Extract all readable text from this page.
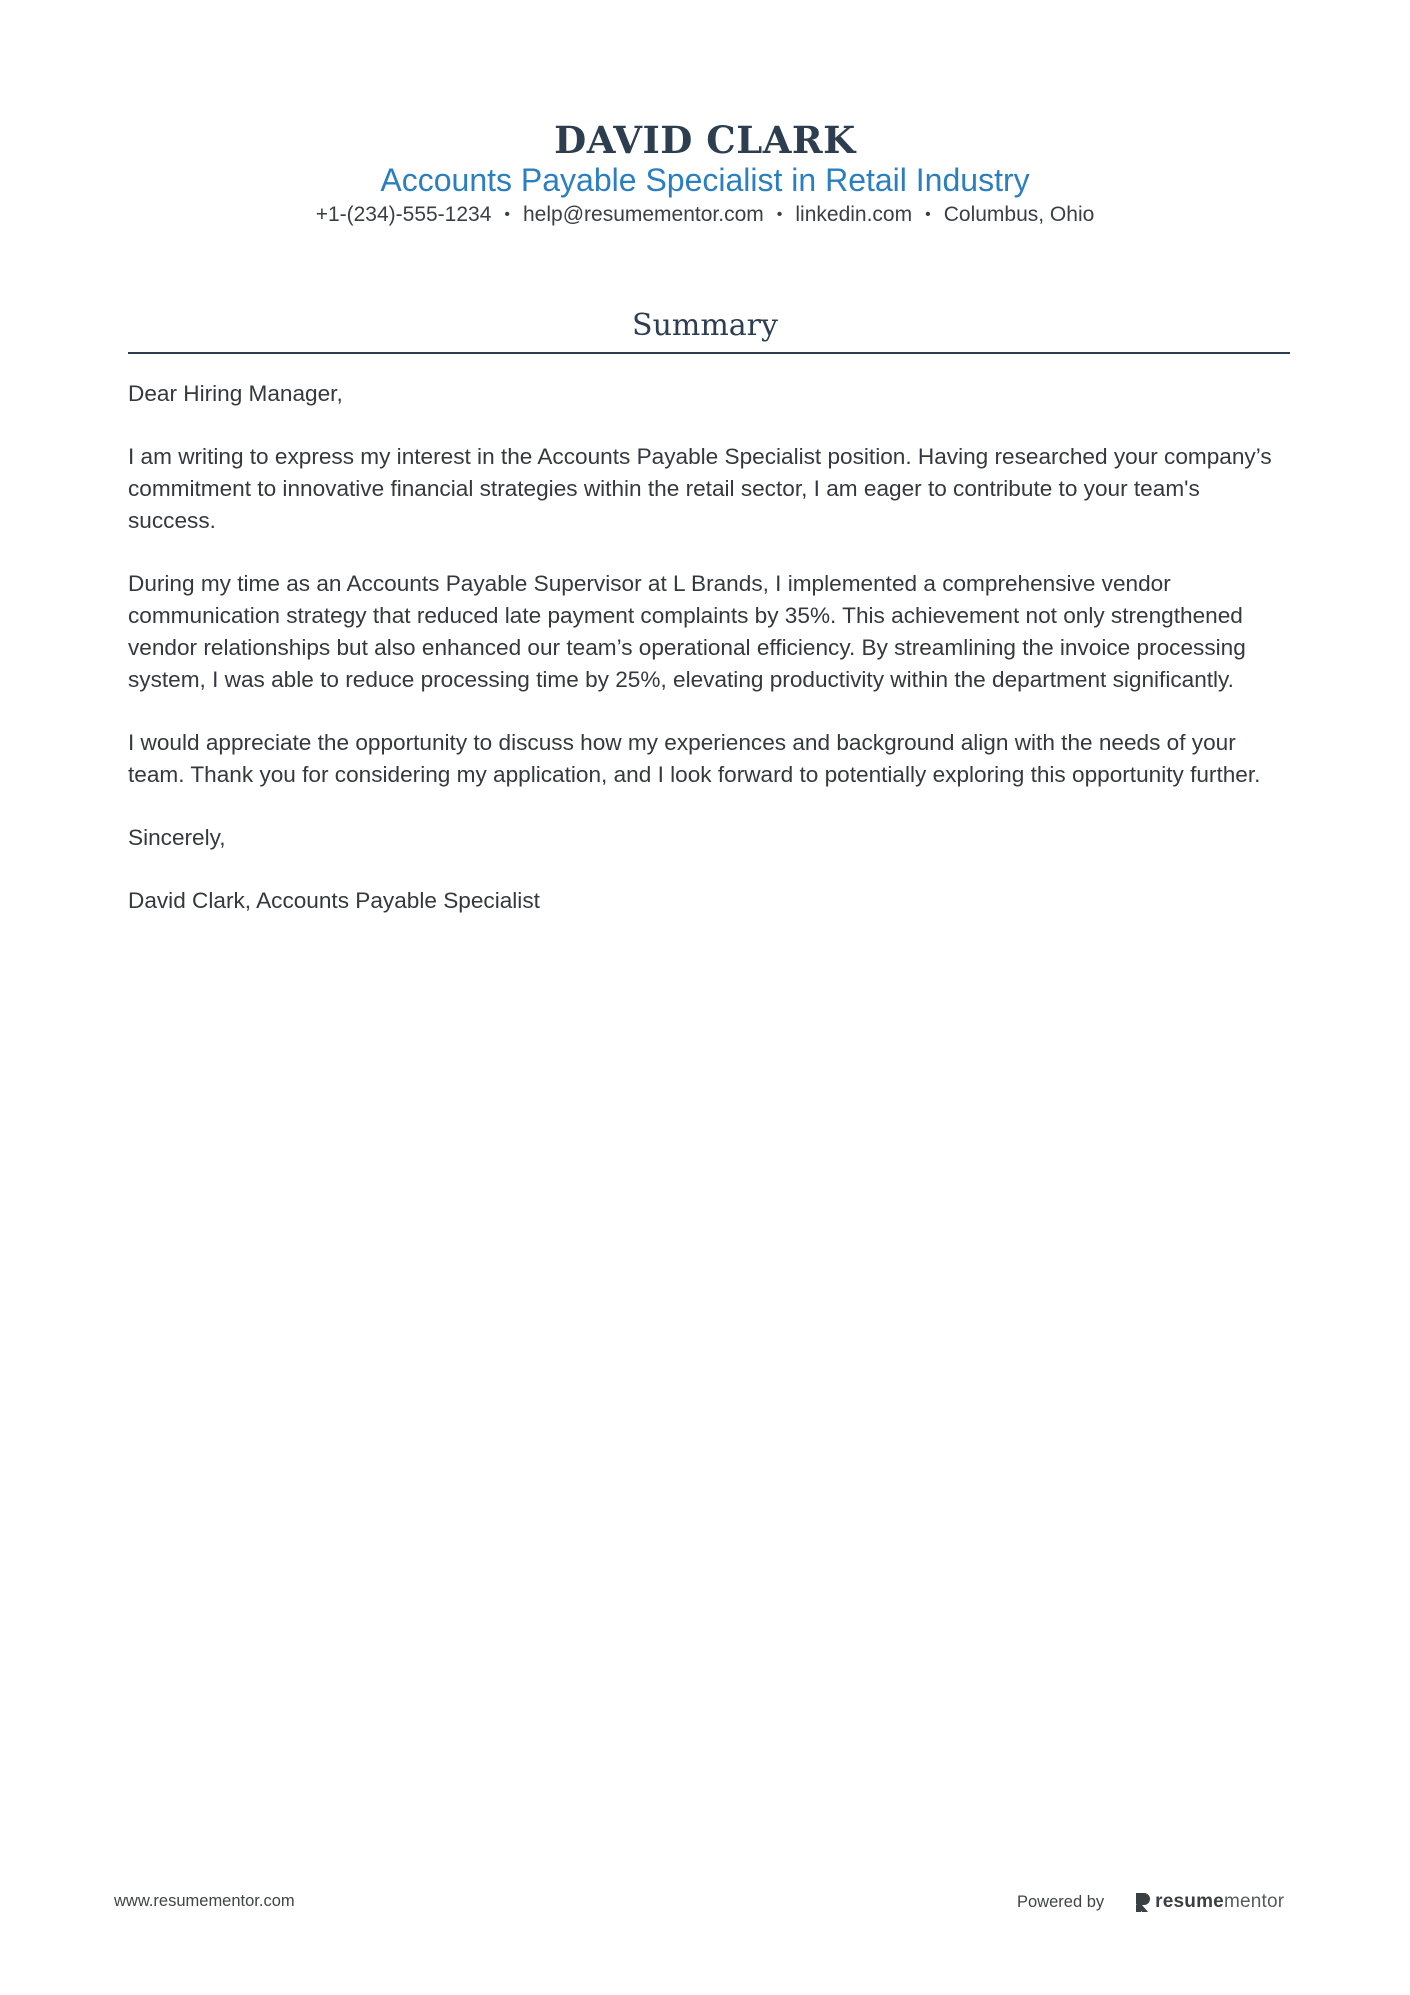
DAVID CLARK
Accounts Payable Specialist in Retail Industry
+1-(234)-555-1234 • help@resumementor.com • linkedin.com • Columbus, Ohio
Summary

Dear Hiring Manager,

I am writing to express my interest in the Accounts Payable Specialist position. Having researched your company’s commitment to innovative financial strategies within the retail sector, I am eager to contribute to your team's success.

During my time as an Accounts Payable Supervisor at L Brands, I implemented a comprehensive vendor communication strategy that reduced late payment complaints by 35%. This achievement not only strengthened vendor relationships but also enhanced our team’s operational efficiency. By streamlining the invoice processing system, I was able to reduce processing time by 25%, elevating productivity within the department significantly.

I would appreciate the opportunity to discuss how my experiences and background align with the needs of your team. Thank you for considering my application, and I look forward to potentially exploring this opportunity further.

Sincerely,

David Clark, Accounts Payable Specialist

www.resumementor.com	Powered by	resumementor
